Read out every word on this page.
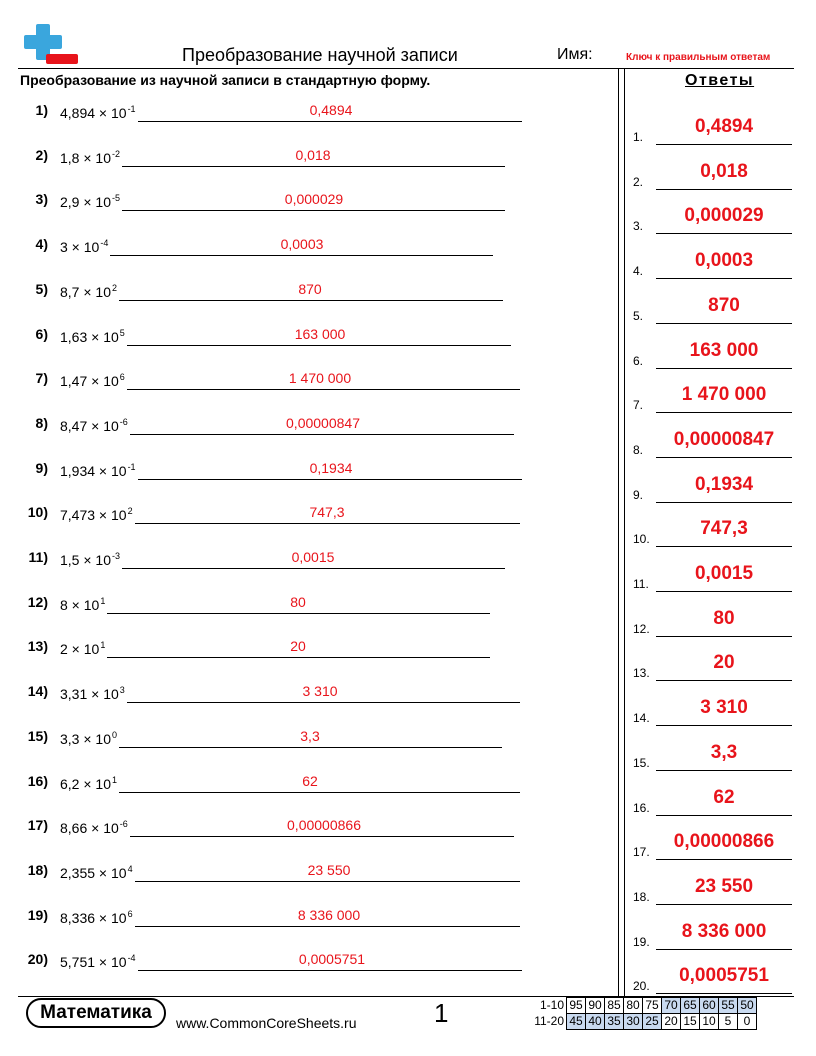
Преобразование научной записи	Имя:	Ключ к правильным ответам
Преобразование из научной записи в стандартную форму.	Ответы
1) $4,894 \times 10^{-1}$	0,4894
2) $1,8 \times 10^{-2}$	0,018
3) $2,9 \times 10^{-5}$	0,000029
4) $3 \times 10^{-4}$	0,0003
5) $8,7 \times 10^2$	870
6) $1,63 \times 10^5$	163 000
7) $1,47 \times 10^6$	1 470 000
8) $8,47 \times 10^{-6}$	0,00000847
9) $1,934 \times 10^{-1}$	0,1934
10) $7,473 \times 10^2$	747,3
11) $1,5 \times 10^{-3}$	0,0015
12) $8 \times 10^1$	80
13) $2 \times 10^1$	20
14) $3,31 \times 10^3$	3 310
15) $3,3 \times 10^0$	3,3
16) $6,2 \times 10^1$	62
17) $8,66 \times 10^{-6}$	0,00000866
18) $2,355 \times 10^4$	23 550
19) $8,336 \times 10^6$	8 336 000
20) $5,751 \times 10^{-4}$	0,0005751
1.	0,4894
2.	0,018
3. 0,000029
4.	0,0003
5.	870
6. 163 000
7. 1 470 000
8. 0,00000847
9.	0,1934
10.	747,3
11. 0,0015
12.	80
13.	20
14.	3 310
15.	3,3
16.	62
17. 0,00000866
18. 23 550
19. 8 336 000
20. 0,0005751
Математика	www.CommonCoreSheets.ru	1	1-10	95	90	85	80	75	70	65	60	55	50
11-20	45	40	35	30	25	20	15	10	5	0
